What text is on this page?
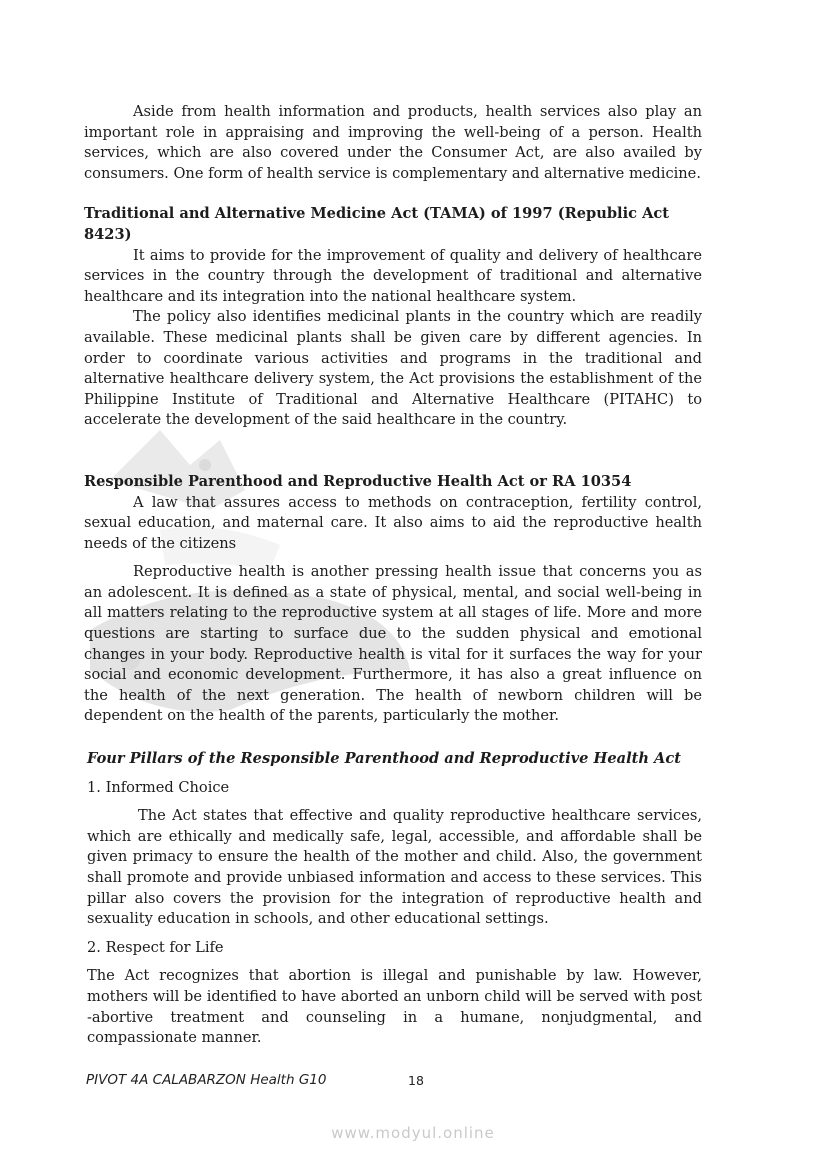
Aside from health information and products, health services also play an important role in appraising and improving the well-being of a person. Health services, which are also covered under the Consumer Act, are also availed by consumers. One form of health service is complementary and alternative medicine.

Traditional and Alternative Medicine Act (TAMA) of 1997 (Republic Act 8423)

It aims to provide for the improvement of quality and delivery of healthcare services in the country through the development of traditional and alternative healthcare and its integration into the national healthcare system.

The policy also identifies medicinal plants in the country which are readily available. These medicinal plants shall be given care by different agencies. In order to coordinate various activities and programs in the traditional and alternative healthcare delivery system, the Act provisions the establishment of the Philippine Institute of Traditional and Alternative Healthcare (PITAHC) to accelerate the development of the said healthcare in the country.

Responsible Parenthood and Reproductive Health Act or RA 10354

A law that assures access to methods on contraception, fertility control, sexual education, and maternal care. It also aims to aid the reproductive health needs of the citizens

Reproductive health is another pressing health issue that concerns you as an adolescent. It is defined as a state of physical, mental, and social well-being in all matters relating to the reproductive system at all stages of life. More and more questions are starting to surface due to the sudden physical and emotional changes in your body. Reproductive health is vital for it surfaces the way for your social and economic development. Furthermore, it has also a great influence on the health of the next generation. The health of newborn children will be dependent on the health of the parents, particularly the mother.

Four Pillars of the Responsible Parenthood and Reproductive Health Act

1. Informed Choice

The Act states that effective and quality reproductive healthcare services, which are ethically and medically safe, legal, accessible, and affordable shall be given primacy to ensure the health of the mother and child. Also, the government shall promote and provide unbiased information and access to these services. This pillar also covers the provision for the integration of reproductive health and sexuality education in schools, and other educational settings.

2. Respect for Life

The Act recognizes that abortion is illegal and punishable by law. However, mothers will be identified to have aborted an unborn child will be served with post -abortive treatment and counseling in a humane, nonjudgmental, and compassionate manner.

PIVOT 4A CALABARZON Health G10	18
www.modyul.online
